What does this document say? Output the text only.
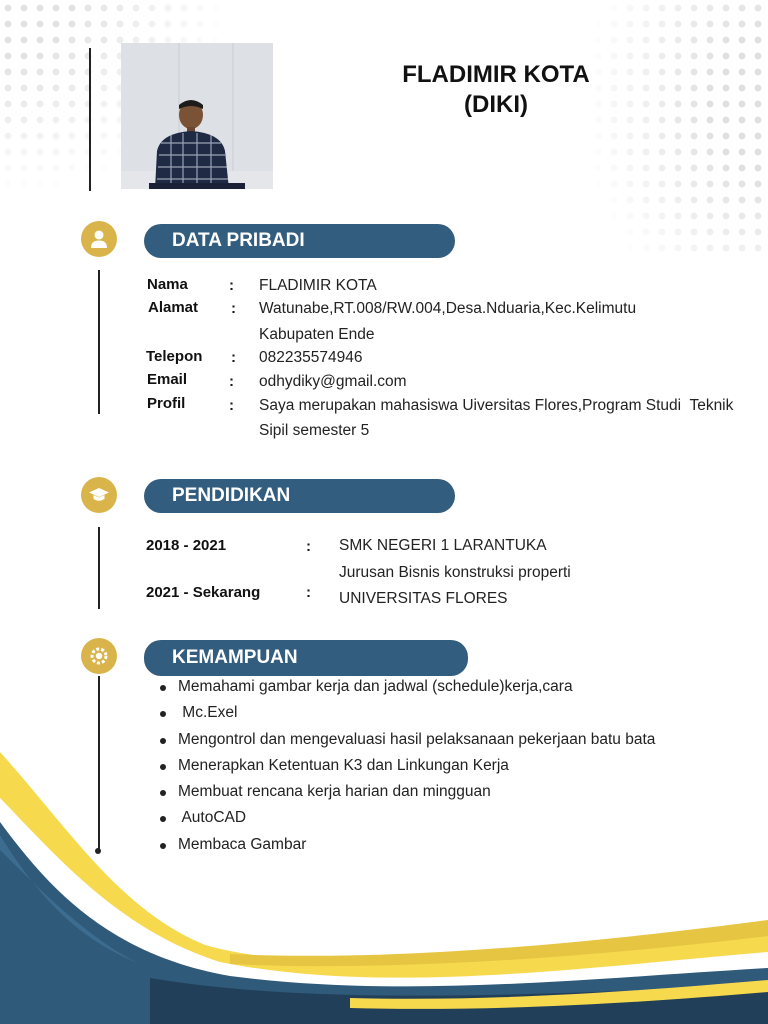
FLADIMIR KOTA
(DIKI)
DATA PRIBADI
Nama	: FLADIMIR KOTA
Alamat : Watunabe,RT.008/RW.004,Desa.Nduaria,Kec.Kelimutu
Kabupaten Ende
Telepon : 082235574946
Email	: odhydiky@gmail.com
Profil	: Saya merupakan mahasiswa Uiversitas Flores,Program Studi  Teknik
Sipil semester 5
PENDIDIKAN
2018 - 2021	: SMK NEGERI 1 LARANTUKA
Jurusan Bisnis konstruksi properti
2021 - Sekarang	: UNIVERSITAS FLORES
KEMAMPUAN
Memahami gambar kerja dan jadwal (schedule)kerja,cara
Mc.Exel
Mengontrol dan mengevaluasi hasil pelaksanaan pekerjaan batu bata
Menerapkan Ketentuan K3 dan Linkungan Kerja
Membuat rencana kerja harian dan mingguan
AutoCAD
Membaca Gambar
